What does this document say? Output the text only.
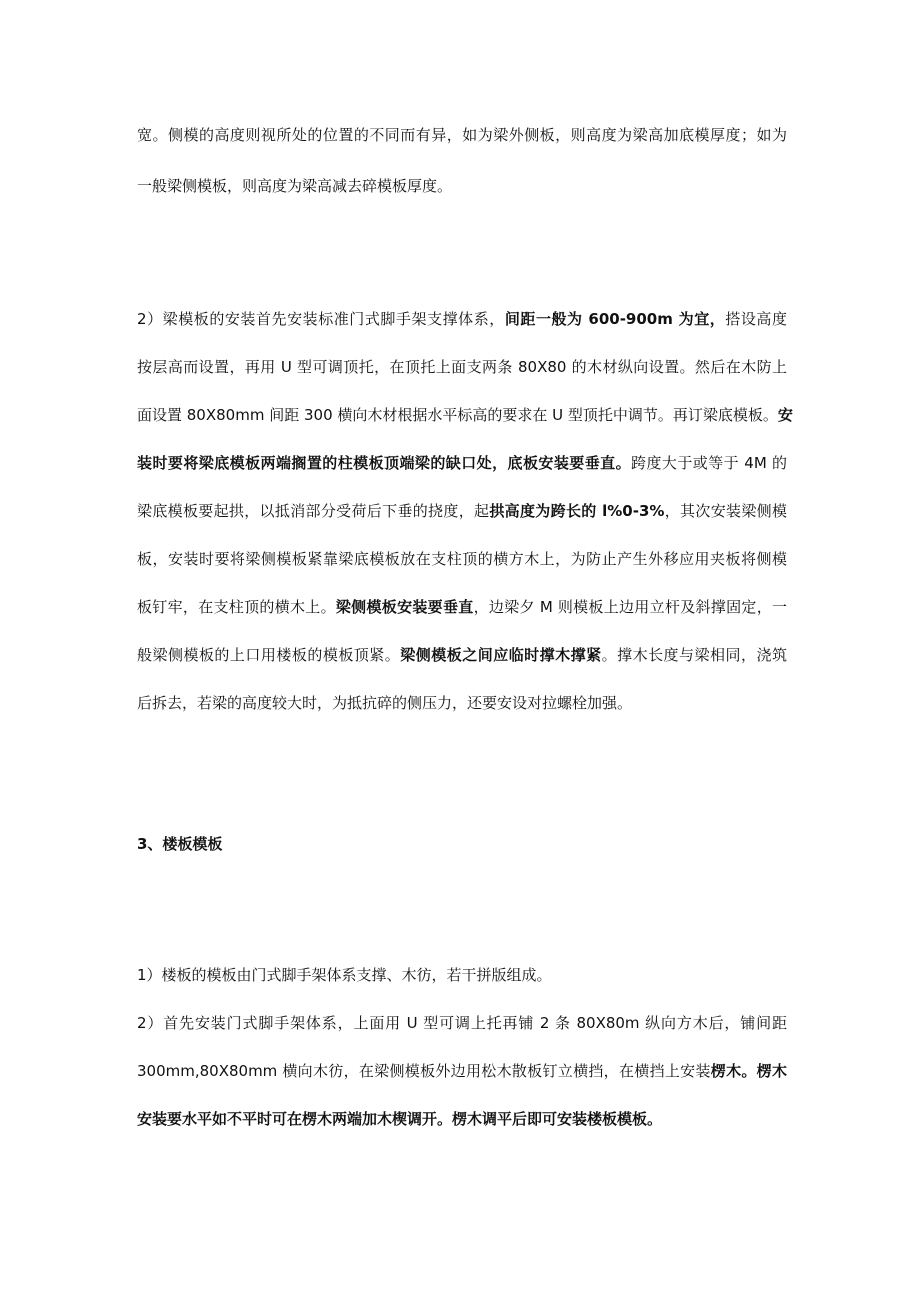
宽。侧模的高度则视所处的位置的不同而有异，如为梁外侧板，则高度为梁高加底模厚度；如为
一般梁侧模板，则高度为梁高减去碎模板厚度。
2）梁模板的安装首先安装标准门式脚手架支撑体系，间距一般为 600-900m 为宜，搭设高度
按层高而设置，再用 U 型可调顶托，在顶托上面支两条 80X80 的木材纵向设置。然后在木防上
面设置 80X80mm 间距 300 横向木材根据水平标高的要求在 U 型顶托中调节。再订梁底模板。安
装时要将梁底模板两端搁置的柱模板顶端梁的缺口处，底板安装要垂直。跨度大于或等于 4M 的
梁底模板要起拱，以抵消部分受荷后下垂的挠度，起拱高度为跨长的 l%0-3%，其次安装梁侧模
板，安装时要将梁侧模板紧靠梁底模板放在支柱顶的横方木上，为防止产生外移应用夹板将侧模
板钉牢，在支柱顶的横木上。梁侧模板安装要垂直，边梁夕 M 则模板上边用立杆及斜撑固定，一
般梁侧模板的上口用楼板的模板顶紧。梁侧模板之间应临时撑木撑紧。撑木长度与梁相同，浇筑
后拆去，若梁的高度较大时，为抵抗碎的侧压力，还要安设对拉螺栓加强。
3、楼板模板
1）楼板的模板由门式脚手架体系支撑、木彷，若干拼版组成。
2）首先安装门式脚手架体系，上面用 U 型可调上托再铺 2 条 80X80m 纵向方木后，铺间距
300mm,80X80mm 横向木彷，在梁侧模板外边用松木散板钉立横挡，在横挡上安装楞木。楞木
安装要水平如不平时可在楞木两端加木楔调开。楞木调平后即可安装楼板模板。
